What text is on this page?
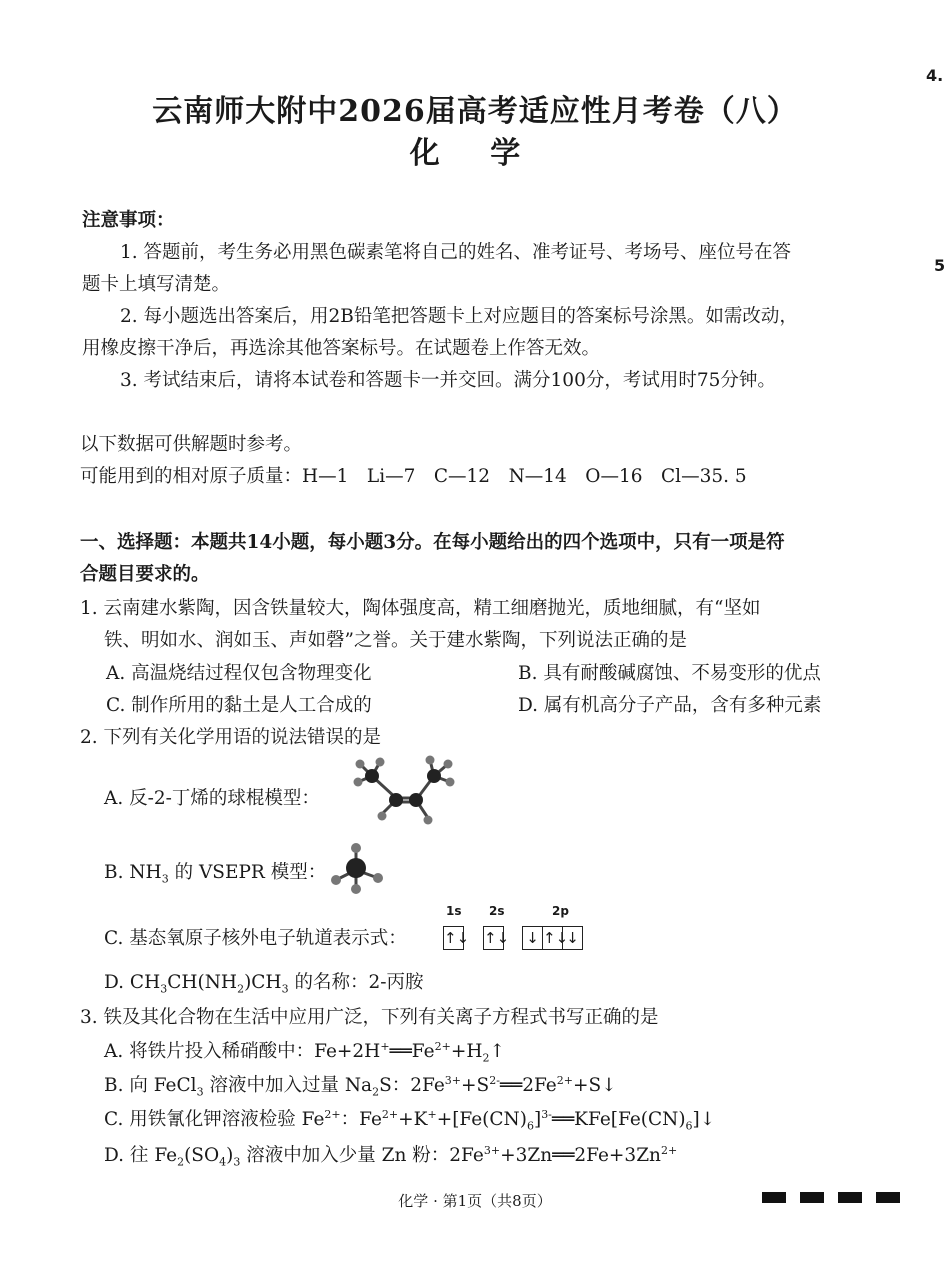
4.
5
云南师大附中2026届高考适应性月考卷（八）
化 学
注意事项：
1. 答题前，考生务必用黑色碳素笔将自己的姓名、准考证号、考场号、座位号在答
题卡上填写清楚。
2. 每小题选出答案后，用2B铅笔把答题卡上对应题目的答案标号涂黑。如需改动，
用橡皮擦干净后，再选涂其他答案标号。在试题卷上作答无效。
3. 考试结束后，请将本试卷和答题卡一并交回。满分100分，考试用时75分钟。
以下数据可供解题时参考。
可能用到的相对原子质量：H—1　Li—7　C—12　N—14　O—16　Cl—35. 5
一、选择题：本题共14小题，每小题3分。在每小题给出的四个选项中，只有一项是符
合题目要求的。
1. 云南建水紫陶，因含铁量较大，陶体强度高，精工细磨抛光，质地细腻，有“坚如
铁、明如水、润如玉、声如磬”之誉。关于建水紫陶，下列说法正确的是
A. 高温烧结过程仅包含物理变化	B. 具有耐酸碱腐蚀、不易变形的优点
C. 制作所用的黏土是人工合成的	D. 属有机高分子产品，含有多种元素
2. 下列有关化学用语的说法错误的是
A. 反-2-丁烯的球棍模型：
B. $NH_3$ 的 VSEPR 模型：
C. 基态氧原子核外电子轨道表示式：
1s 2s	2p
↑↓ ↑↓ ↓ ↑↓
↓
D. $CH_3CH(NH_2)CH_3$ 的名称：2-丙胺
3. 铁及其化合物在生活中应用广泛，下列有关离子方程式书写正确的是
A. 将铁片投入稀硝酸中：$Fe+2H^+══Fe^{2+}+H_2↑$
B. 向 FeCl$_3$ 溶液中加入过量 $Na_2S$：$2Fe^{3+}+S^{2-}══2Fe^{2+}+S↓$
C. 用铁氰化钾溶液检验 $Fe^{2+}$：$Fe^{2+}+K^++[Fe(CN)_6]^{3-}══KFe[Fe(CN)_6]↓$
D. 往 $Fe_2(SO_4)_3$ 溶液中加入少量 Zn 粉：$2Fe^{3+}+3Zn══2Fe+3Zn^{2+}$
化学 · 第1页（共8页）
